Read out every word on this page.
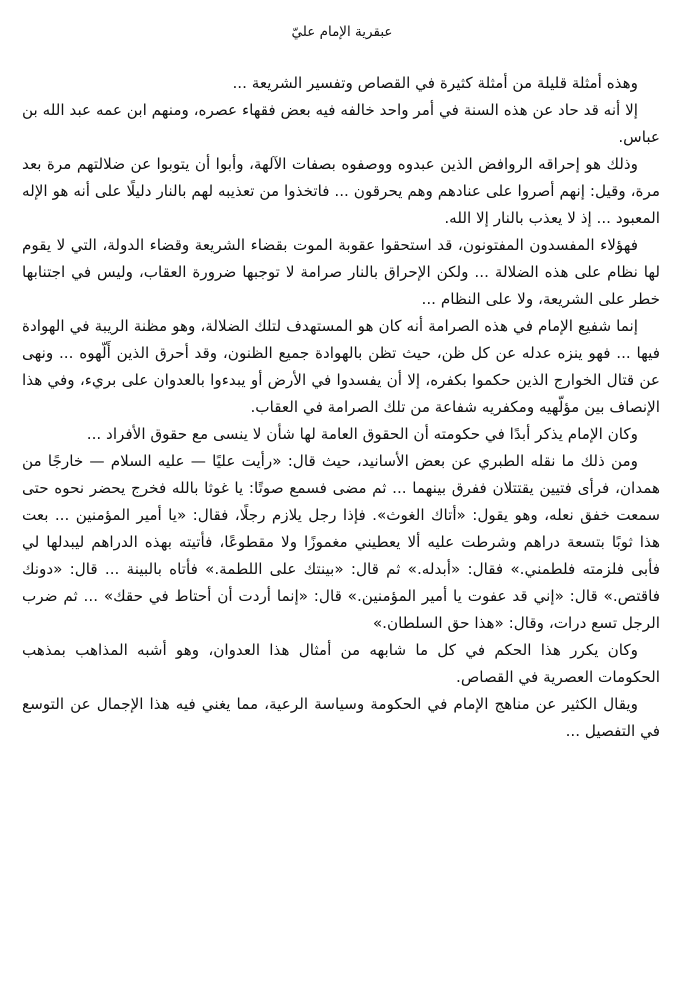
عبقرية الإمام عليّ

وهذه أمثلة قليلة من أمثلة كثيرة في القصاص وتفسير الشريعة ...

إلا أنه قد حاد عن هذه السنة في أمر واحد خالفه فيه بعض فقهاء عصره، ومنهم ابن عمه عبد الله بن عباس.

وذلك هو إحراقه الروافض الذين عبدوه ووصفوه بصفات الآلهة، وأبوا أن يتوبوا عن ضلالتهم مرة بعد مرة، وقيل: إنهم أصروا على عنادهم وهم يحرقون ... فاتخذوا من تعذيبه لهم بالنار دليلًا على أنه هو الإله المعبود ... إذ لا يعذب بالنار إلا الله.

فهؤلاء المفسدون المفتونون، قد استحقوا عقوبة الموت بقضاء الشريعة وقضاء الدولة، التي لا يقوم لها نظام على هذه الضلالة ... ولكن الإحراق بالنار صرامة لا توجبها ضرورة العقاب، وليس في اجتنابها خطر على الشريعة، ولا على النظام ...

إنما شفيع الإمام في هذه الصرامة أنه كان هو المستهدف لتلك الضلالة، وهو مظنة الريبة في الهوادة فيها ... فهو ينزه عدله عن كل ظن، حيث تظن بالهوادة جميع الظنون، وقد أحرق الذين أَلّهوه ... ونهى عن قتال الخوارج الذين حكموا بكفره، إلا أن يفسدوا في الأرض أو يبدءوا بالعدوان على بريء، وفي هذا الإنصاف بين مؤلّهيه ومكفريه شفاعة من تلك الصرامة في العقاب.

وكان الإمام يذكر أبدًا في حكومته أن الحقوق العامة لها شأن لا ينسى مع حقوق الأفراد ...

ومن ذلك ما نقله الطبري عن بعض الأسانيد، حيث قال: «رأيت عليًا — عليه السلام — خارجًا من همدان، فرأى فتيين يقتتلان ففرق بينهما ... ثم مضى فسمع صوتًا: يا غوثا بالله فخرج يحضر نحوه حتى سمعت خفق نعله، وهو يقول: «أتاك الغوث». فإذا رجل يلازم رجلًا، فقال: «يا أمير المؤمنين ... بعت هذا ثوبًا بتسعة دراهم وشرطت عليه ألا يعطيني مغموزًا ولا مقطوعًا، فأتيته بهذه الدراهم ليبدلها لي فأبى فلزمته فلطمني.» فقال: «أبدله.» ثم قال: «بينتك على اللطمة.» فأتاه بالبينة ... قال: «دونك فاقتص.» قال: «إني قد عفوت يا أمير المؤمنين.» قال: «إنما أردت أن أحتاط في حقك» ... ثم ضرب الرجل تسع درات، وقال: «هذا حق السلطان.»

وكان يكرر هذا الحكم في كل ما شابهه من أمثال هذا العدوان، وهو أشبه المذاهب بمذهب الحكومات العصرية في القصاص.

ويقال الكثير عن مناهج الإمام في الحكومة وسياسة الرعية، مما يغني فيه هذا الإجمال عن التوسع في التفصيل ...
